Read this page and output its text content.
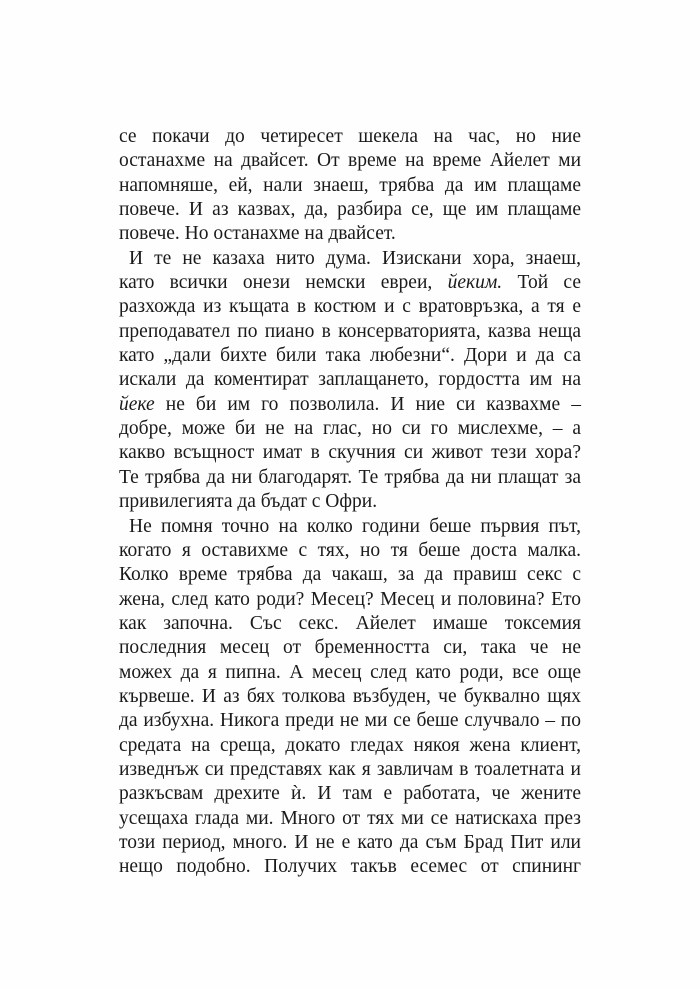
се покачи до четиресет шекела на час, но ние
останахме на двайсет. От време на време Айелет ми
напомняше, ей, нали знаеш, трябва да им плащаме
повече. И аз казвах, да, разбира се, ще им плащаме
повече. Но останахме на двайсет.
И те не казаха нито дума. Изискани хора, знаеш,
като всички онези немски евреи, йеким. Той се
разхожда из къщата в костюм и с вратовръзка, а тя е
преподавател по пиано в консерваторията, казва неща
като „дали бихте били така любезни“. Дори и да са
искали да коментират заплащането, гордостта им на
йеке не би им го позволила. И ние си казвахме –
добре, може би не на глас, но си го мислехме, – а
какво всъщност имат в скучния си живот тези хора?
Те трябва да ни благодарят. Те трябва да ни плащат за
привилегията да бъдат с Офри.
Не помня точно на колко години беше първия път,
когато я оставихме с тях, но тя беше доста малка.
Колко време трябва да чакаш, за да правиш секс с
жена, след като роди? Месец? Месец и половина? Ето
как започна. Със секс. Айелет имаше токсемия
последния месец от бременността си, така че не
можех да я пипна. А месец след като роди, все още
кървеше. И аз бях толкова възбуден, че буквално щях
да избухна. Никога преди не ми се беше случвало – по
средата на среща, докато гледах някоя жена клиент,
изведнъж си представях как я завличам в тоалетната и
разкъсвам дрехите ѝ. И там е работата, че жените
усещаха глада ми. Много от тях ми се натискаха през
този период, много. И не е като да съм Брад Пит или
нещо подобно. Получих такъв есемес от спининг
